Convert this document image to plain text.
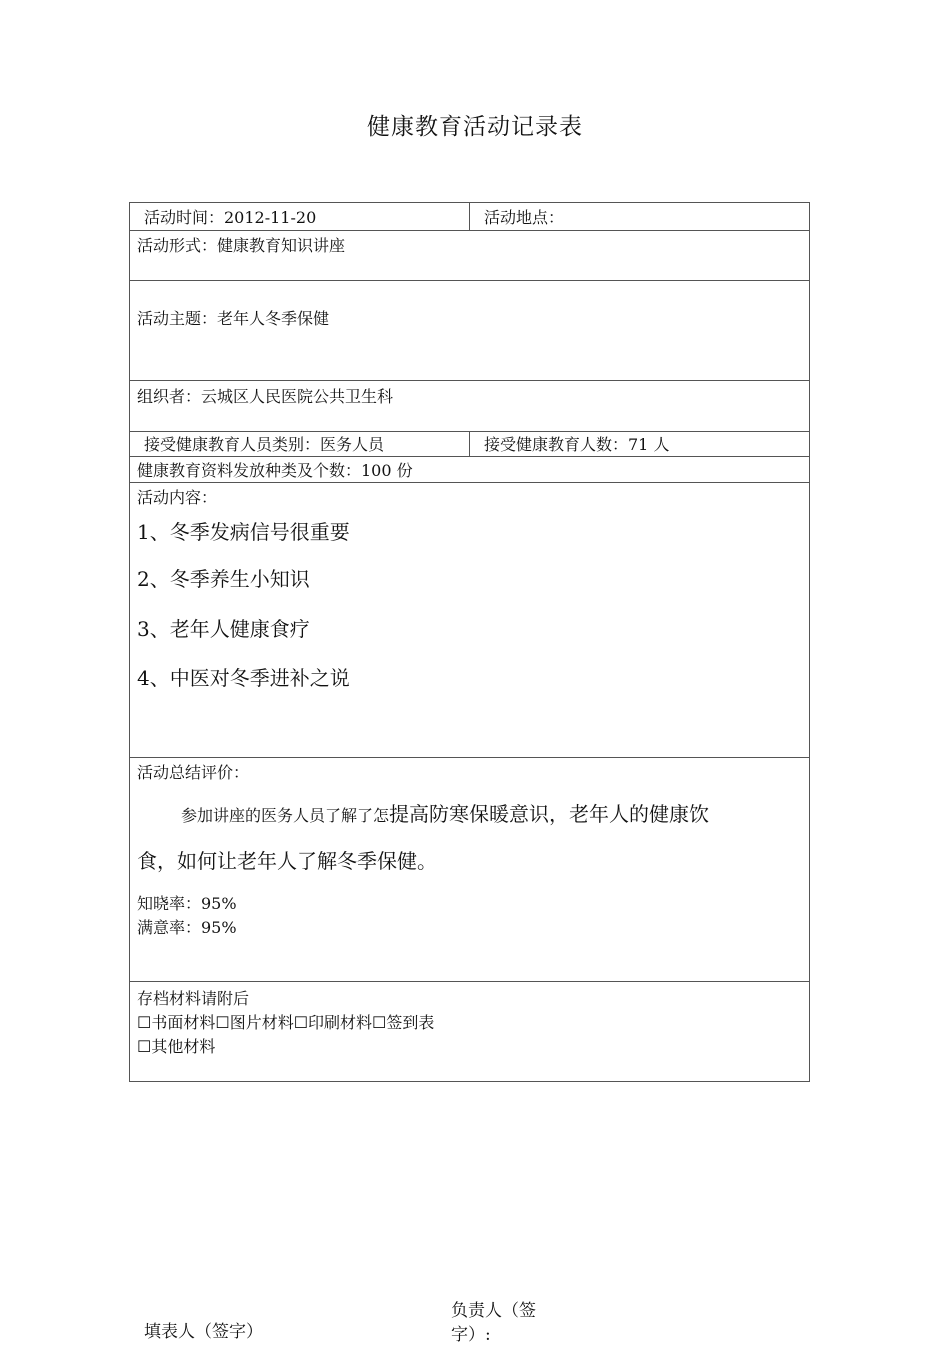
健康教育活动记录表
活动时间：2012-11-20	活动地点：
活动形式：健康教育知识讲座
活动主题：老年人冬季保健
组织者：云城区人民医院公共卫生科
接受健康教育人员类别：医务人员	接受健康教育人数：71 人
健康教育资料发放种类及个数：100 份
活动内容：
1、冬季发病信号很重要
2、冬季养生小知识
3、老年人健康食疗
4、中医对冬季进补之说
活动总结评价：
参加讲座的医务人员了解了怎提高防寒保暖意识，老年人的健康饮
食，如何让老年人了解冬季保健。
知晓率：95%
满意率：95%
存档材料请附后
☐书面材料☐图片材料☐印刷材料☐签到表
☐其他材料
填表人（签字）
负责人（签
字）:
